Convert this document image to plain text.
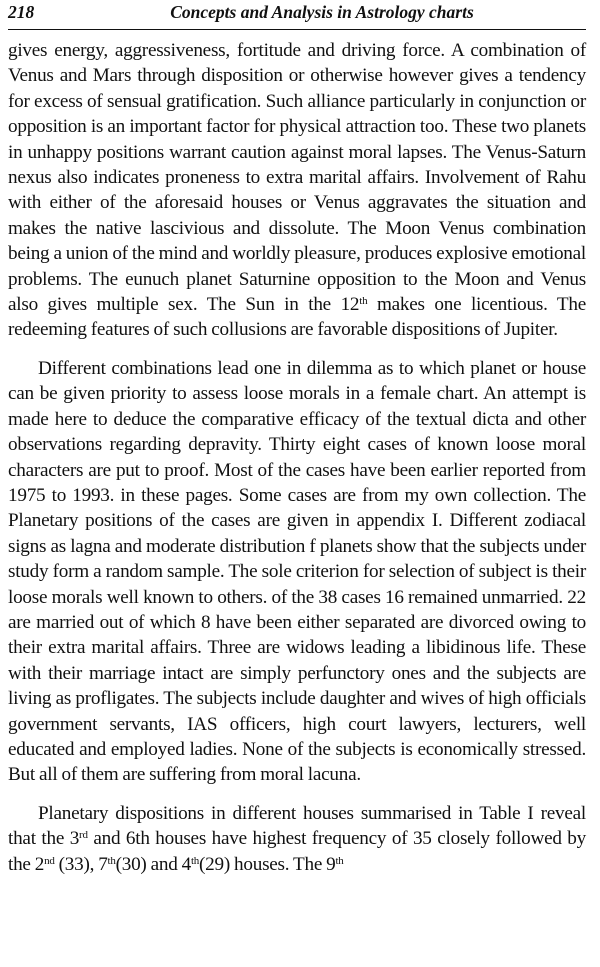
218	Concepts and Analysis in Astrology charts

gives energy, aggressiveness, fortitude and driving force. A combination of Venus and Mars through disposition or otherwise however gives a tendency for excess of sensual gratification. Such alliance particularly in conjunction or opposition is an important factor for physical attraction too. These two planets in unhappy positions warrant caution against moral lapses. The Venus-Saturn nexus also indicates proneness to extra marital affairs. Involvement of Rahu with either of the aforesaid houses or Venus aggravates the situation and makes the native lascivious and dissolute. The Moon Venus combination being a union of the mind and worldly pleasure, produces explosive emotional problems. The eunuch planet Saturnine opposition to the Moon and Venus also gives multiple sex. The Sun in the 12th makes one licentious. The redeeming features of such collusions are favorable dispositions of Jupiter.

Different combinations lead one in dilemma as to which planet or house can be given priority to assess loose morals in a female chart. An attempt is made here to deduce the comparative efficacy of the textual dicta and other observations regarding depravity. Thirty eight cases of known loose moral characters are put to proof. Most of the cases have been earlier reported from 1975 to 1993. in these pages. Some cases are from my own collection. The Planetary positions of the cases are given in appendix I. Different zodiacal signs as lagna and moderate distribution f planets show that the subjects under study form a random sample. The sole criterion for selection of subject is their loose morals well known to others. of the 38 cases 16 remained unmarried. 22 are married out of which 8 have been either separated are divorced owing to their extra marital affairs. Three are widows leading a libidinous life. These with their marriage intact are simply perfunctory ones and the subjects are living as profligates. The subjects include daughter and wives of high officials government servants, IAS officers, high court lawyers, lecturers, well educated and employed ladies. None of the subjects is economically stressed. But all of them are suffering from moral lacuna.

Planetary dispositions in different houses summarised in Table I reveal that the 3rd and 6th houses have highest frequency of 35 closely followed by the 2nd (33), 7th(30) and 4th(29) houses. The 9th
